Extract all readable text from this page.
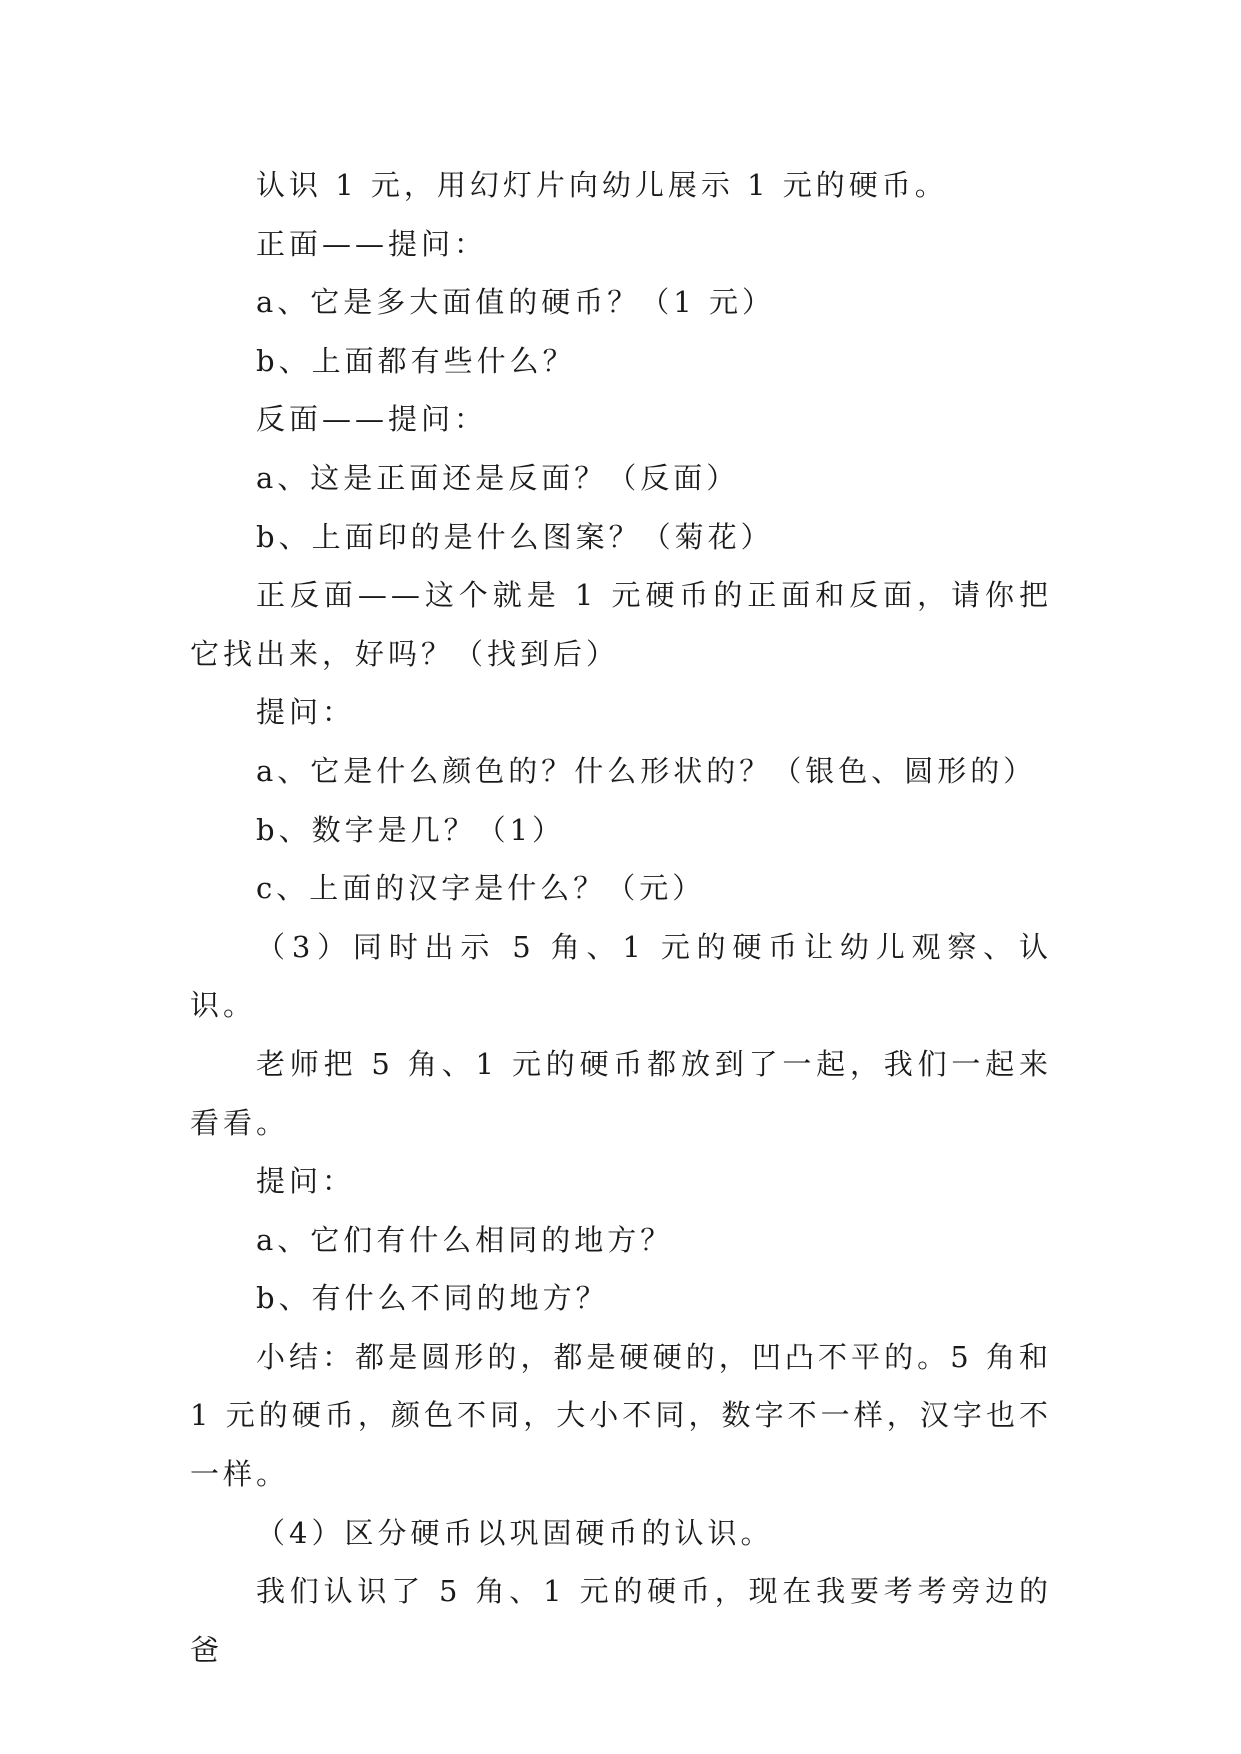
认识 1 元，用幻灯片向幼儿展示 1 元的硬币。

正面——提问：

a、它是多大面值的硬币？（1 元）

b、上面都有些什么？

反面——提问：

a、这是正面还是反面？（反面）

b、上面印的是什么图案？（菊花）

正反面——这个就是 1 元硬币的正面和反面，请你把它找出来，好吗？（找到后）

提问：

a、它是什么颜色的？什么形状的？（银色、圆形的）

b、数字是几？（1）

c、上面的汉字是什么？（元）

（3）同时出示 5 角、1 元的硬币让幼儿观察、认识。

老师把 5 角、1 元的硬币都放到了一起，我们一起来看看。

提问：

a、它们有什么相同的地方？

b、有什么不同的地方？

小结：都是圆形的，都是硬硬的，凹凸不平的。5 角和 1 元的硬币，颜色不同，大小不同，数字不一样，汉字也不一样。

（4）区分硬币以巩固硬币的认识。

我们认识了 5 角、1 元的硬币，现在我要考考旁边的爸
